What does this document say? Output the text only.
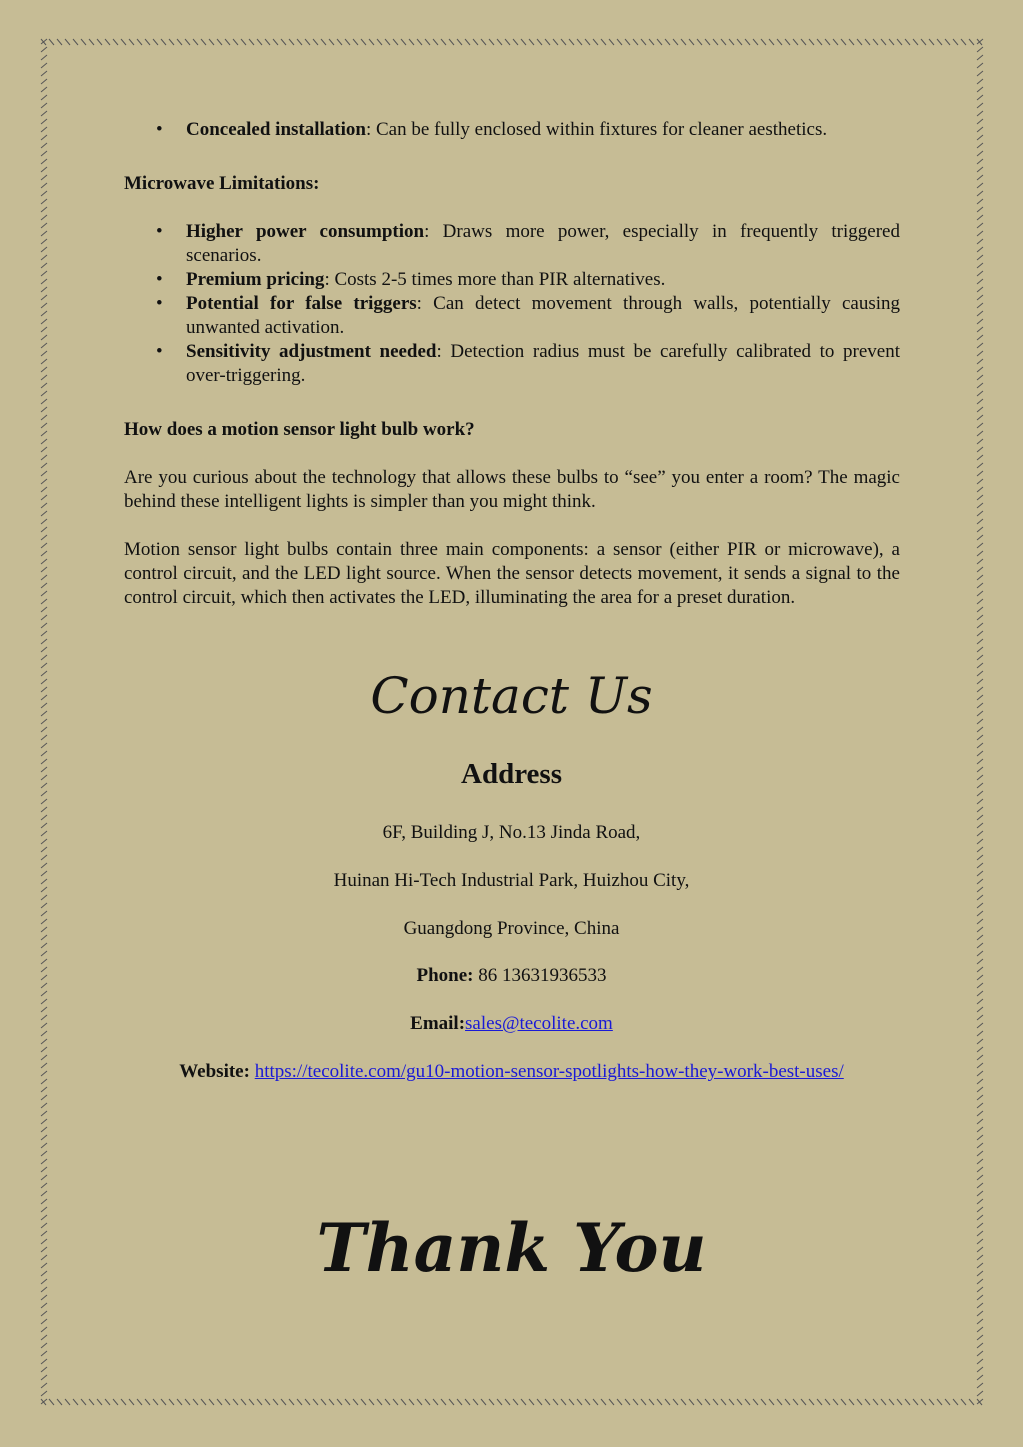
• Concealed installation: Can be fully enclosed within fixtures for cleaner aesthetics.

Microwave Limitations:

• Higher power consumption: Draws more power, especially in frequently triggered scenarios.
• Premium pricing: Costs 2-5 times more than PIR alternatives.
• Potential for false triggers: Can detect movement through walls, potentially causing unwanted activation.
• Sensitivity adjustment needed: Detection radius must be carefully calibrated to prevent over-triggering.

How does a motion sensor light bulb work?

Are you curious about the technology that allows these bulbs to “see” you enter a room? The magic behind these intelligent lights is simpler than you might think.

Motion sensor light bulbs contain three main components: a sensor (either PIR or microwave), a control circuit, and the LED light source. When the sensor detects movement, it sends a signal to the control circuit, which then activates the LED, illuminating the area for a preset duration.

Contact Us
Address
6F, Building J, No.13 Jinda Road,
Huinan Hi-Tech Industrial Park, Huizhou City,
Guangdong Province, China
Phone: 86 13631936533
Email:sales@tecolite.com
Website: https://tecolite.com/gu10-motion-sensor-spotlights-how-they-work-best-uses/
Thank You
